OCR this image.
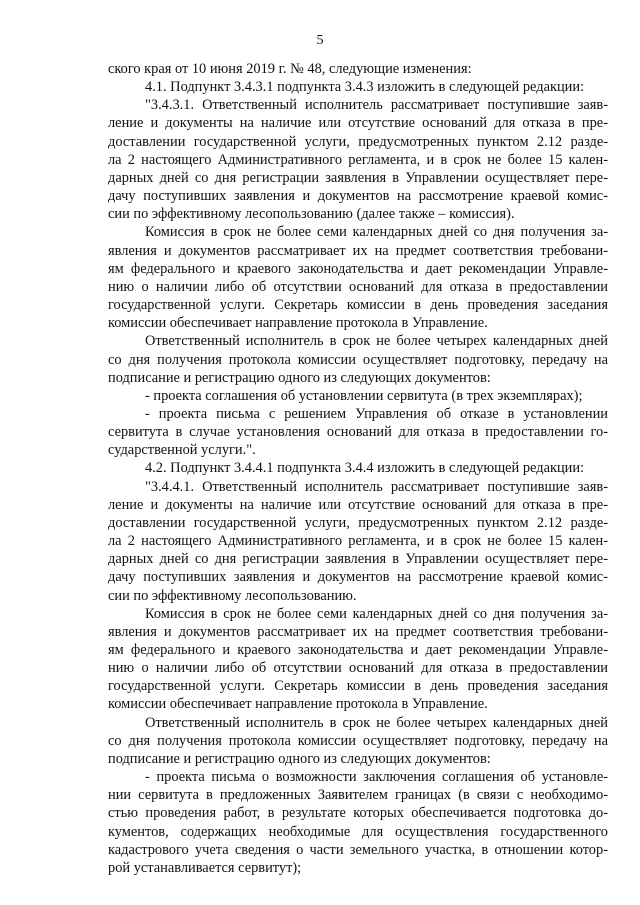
5
ского края от 10 июня 2019 г. № 48, следующие изменения:
4.1. Подпункт 3.4.3.1 подпункта 3.4.3 изложить в следующей редакции:
"3.4.3.1. Ответственный исполнитель рассматривает поступившие заяв-
ление и документы на наличие или отсутствие оснований для отказа в пре-
доставлении государственной услуги, предусмотренных пунктом 2.12 разде-
ла 2 настоящего Административного регламента, и в срок не более 15 кален-
дарных дней со дня регистрации заявления в Управлении осуществляет пере-
дачу поступивших заявления и документов на рассмотрение краевой комис-
сии по эффективному лесопользованию (далее также – комиссия).
Комиссия в срок не более семи календарных дней со дня получения за-
явления и документов рассматривает их на предмет соответствия требовани-
ям федерального и краевого законодательства и дает рекомендации Управле-
нию о наличии либо об отсутствии оснований для отказа в предоставлении
государственной услуги. Секретарь комиссии в день проведения заседания
комиссии обеспечивает направление протокола в Управление.
Ответственный исполнитель в срок не более четырех календарных дней
со дня получения протокола комиссии осуществляет подготовку, передачу на
подписание и регистрацию одного из следующих документов:
- проекта соглашения об установлении сервитута (в трех экземплярах);
- проекта письма с решением Управления об отказе в установлении
сервитута в случае установления оснований для отказа в предоставлении го-
сударственной услуги.".
4.2. Подпункт 3.4.4.1 подпункта 3.4.4 изложить в следующей редакции:
"3.4.4.1. Ответственный исполнитель рассматривает поступившие заяв-
ление и документы на наличие или отсутствие оснований для отказа в пре-
доставлении государственной услуги, предусмотренных пунктом 2.12 разде-
ла 2 настоящего Административного регламента, и в срок не более 15 кален-
дарных дней со дня регистрации заявления в Управлении осуществляет пере-
дачу поступивших заявления и документов на рассмотрение краевой комис-
сии по эффективному лесопользованию.
Комиссия в срок не более семи календарных дней со дня получения за-
явления и документов рассматривает их на предмет соответствия требовани-
ям федерального и краевого законодательства и дает рекомендации Управле-
нию о наличии либо об отсутствии оснований для отказа в предоставлении
государственной услуги. Секретарь комиссии в день проведения заседания
комиссии обеспечивает направление протокола в Управление.
Ответственный исполнитель в срок не более четырех календарных дней
со дня получения протокола комиссии осуществляет подготовку, передачу на
подписание и регистрацию одного из следующих документов:
- проекта письма о возможности заключения соглашения об установле-
нии сервитута в предложенных Заявителем границах (в связи с необходимо-
стью проведения работ, в результате которых обеспечивается подготовка до-
кументов, содержащих необходимые для осуществления государственного
кадастрового учета сведения о части земельного участка, в отношении котор-
рой устанавливается сервитут);
